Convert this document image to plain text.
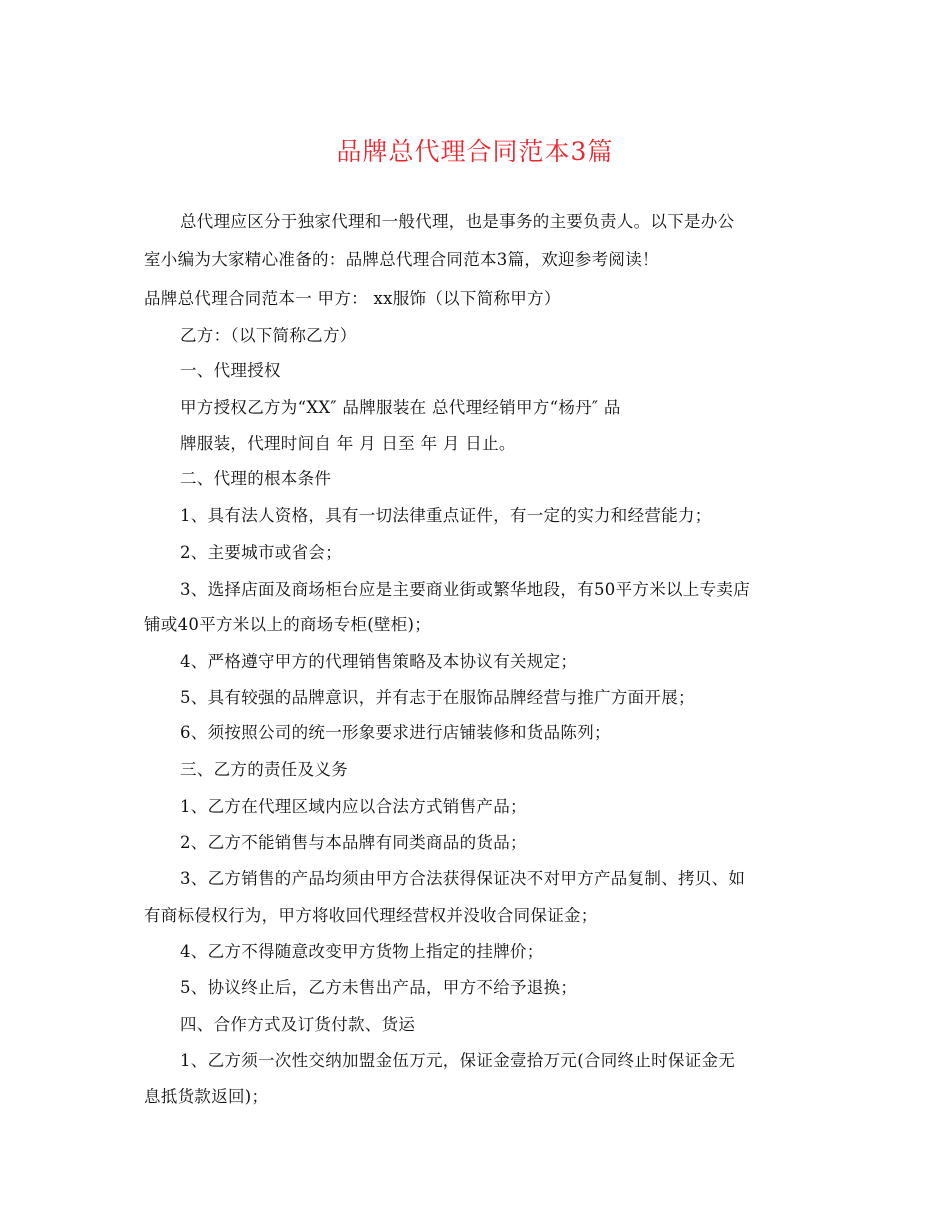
品牌总代理合同范本3篇
总代理应区分于独家代理和一般代理，也是事务的主要负责人。以下是办公
室小编为大家精心准备的：品牌总代理合同范本3篇，欢迎参考阅读！
品牌总代理合同范本一 甲方： xx服饰（以下简称甲方）
乙方：（以下简称乙方）
一、代理授权
甲方授权乙方为“XX″ 品牌服装在 总代理经销甲方“杨丹″ 品
牌服装，代理时间自 年 月 日至 年 月 日止。
二、代理的根本条件
1、具有法人资格，具有一切法律重点证件，有一定的实力和经营能力；
2、主要城市或省会；
3、选择店面及商场柜台应是主要商业街或繁华地段，有50平方米以上专卖店
铺或40平方米以上的商场专柜(壁柜)；
4、严格遵守甲方的代理销售策略及本协议有关规定；
5、具有较强的品牌意识，并有志于在服饰品牌经营与推广方面开展；
6、须按照公司的统一形象要求进行店铺装修和货品陈列；
三、乙方的责任及义务
1、乙方在代理区域内应以合法方式销售产品；
2、乙方不能销售与本品牌有同类商品的货品；
3、乙方销售的产品均须由甲方合法获得保证决不对甲方产品复制、拷贝、如
有商标侵权行为，甲方将收回代理经营权并没收合同保证金；
4、乙方不得随意改变甲方货物上指定的挂牌价；
5、协议终止后，乙方未售出产品，甲方不给予退换；
四、合作方式及订货付款、货运
1、乙方须一次性交纳加盟金伍万元，保证金壹拾万元(合同终止时保证金无
息抵货款返回)；
